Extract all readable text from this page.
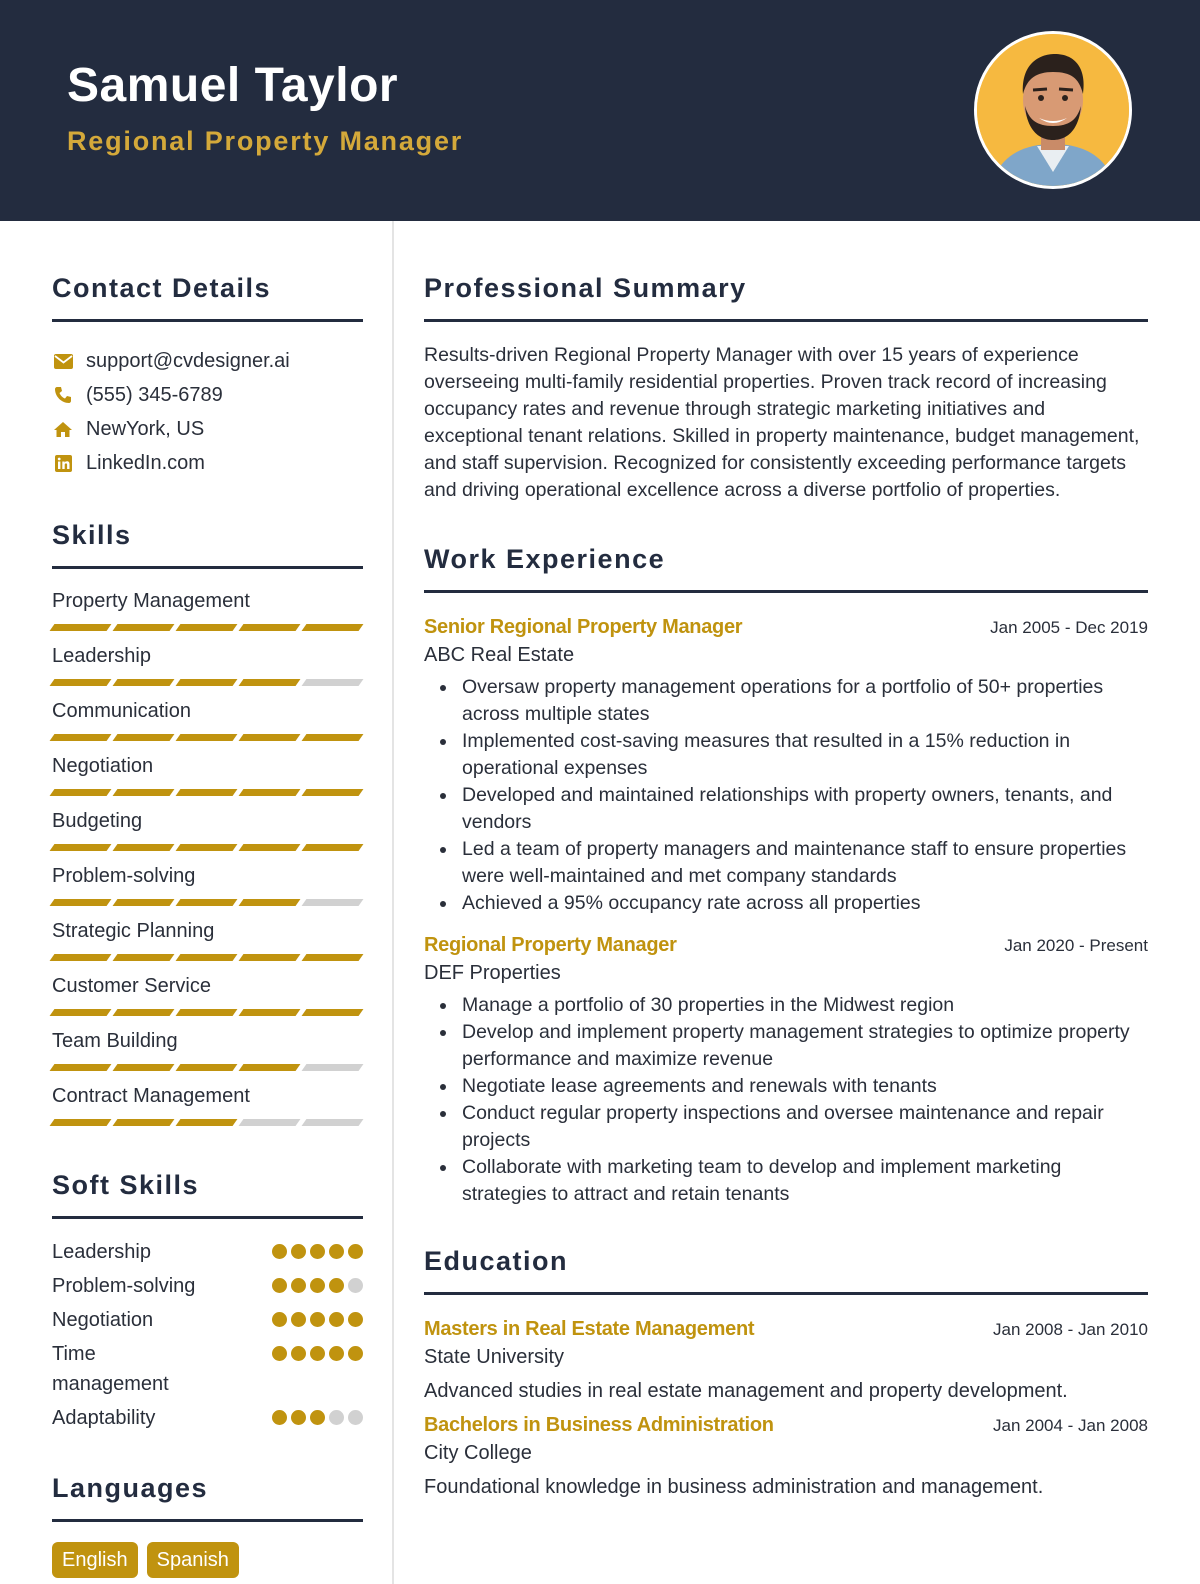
Samuel Taylor
Regional Property Manager
Contact Details
support@cvdesigner.ai
(555) 345-6789
NewYork, US
LinkedIn.com
Skills
Property Management
Leadership
Communication
Negotiation
Budgeting
Problem-solving
Strategic Planning
Customer Service
Team Building
Contract Management
Soft Skills
Leadership
Problem-solving
Negotiation
Time management
Adaptability
Languages
English	Spanish
Professional Summary

Results-driven Regional Property Manager with over 15 years of experience overseeing multi-family residential properties. Proven track record of increasing occupancy rates and revenue through strategic marketing initiatives and exceptional tenant relations. Skilled in property maintenance, budget management, and staff supervision. Recognized for consistently exceeding performance targets and driving operational excellence across a diverse portfolio of properties.

Work Experience
Senior Regional Property Manager	Jan 2005 - Dec 2019
ABC Real Estate
Oversaw property management operations for a portfolio of 50+ properties across multiple states
Implemented cost-saving measures that resulted in a 15% reduction in operational expenses
Developed and maintained relationships with property owners, tenants, and vendors
Led a team of property managers and maintenance staff to ensure properties were well-maintained and met company standards
Achieved a 95% occupancy rate across all properties
Regional Property Manager	Jan 2020 - Present
DEF Properties
Manage a portfolio of 30 properties in the Midwest region
Develop and implement property management strategies to optimize property performance and maximize revenue
Negotiate lease agreements and renewals with tenants
Conduct regular property inspections and oversee maintenance and repair projects
Collaborate with marketing team to develop and implement marketing strategies to attract and retain tenants
Education
Masters in Real Estate Management	Jan 2008 - Jan 2010
State University
Advanced studies in real estate management and property development.
Bachelors in Business Administration	Jan 2004 - Jan 2008
City College
Foundational knowledge in business administration and management.
